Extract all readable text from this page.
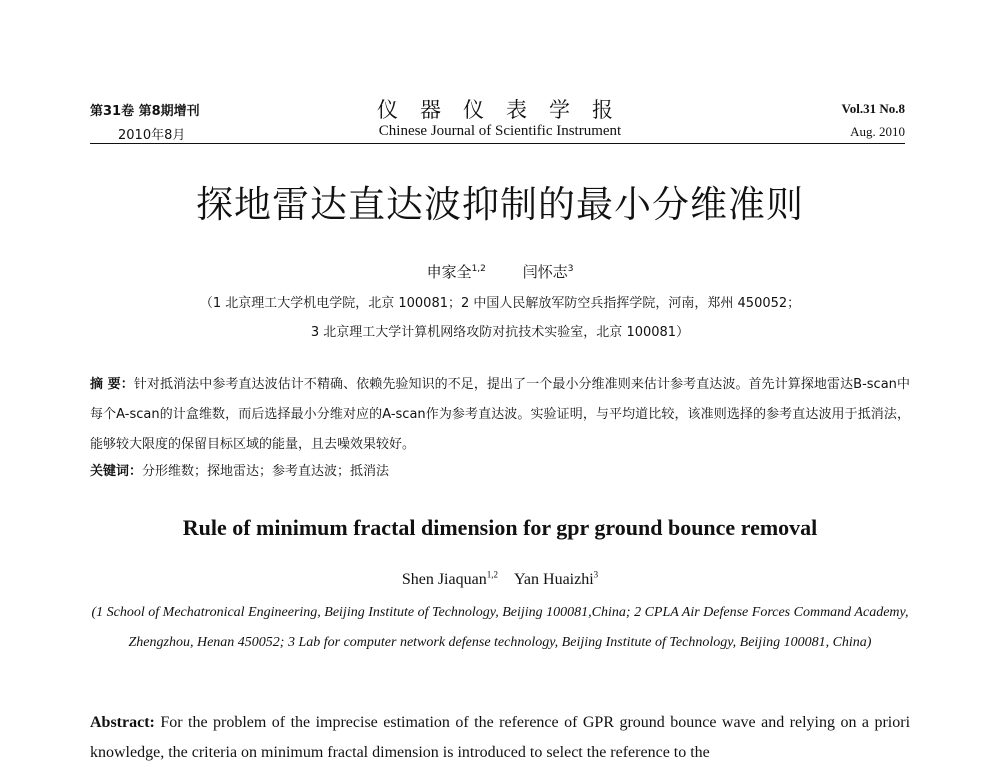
第31卷 第8期增刊
2010年8月
仪器仪表学报
Chinese Journal of Scientific Instrument
Vol.31 No.8
Aug. 2010
探地雷达直达波抑制的最小分维准则
申家全$^{1,2}$ 闫怀志$^3$
（1 北京理工大学机电学院，北京 100081；2 中国人民解放军防空兵指挥学院，河南，郑州 450052；
3 北京理工大学计算机网络攻防对抗技术实验室，北京 100081）
摘 要：针对抵消法中参考直达波估计不精确、依赖先验知识的不足，提出了一个最小分维准则来估计参考直达波。首先计算探地雷达B-scan中每个A-scan的计盒维数，而后选择最小分维对应的A-scan作为参考直达波。实验证明，与平均道比较，该准则选择的参考直达波用于抵消法，能够较大限度的保留目标区域的能量，且去噪效果较好。
关键词：分形维数；探地雷达；参考直达波；抵消法
Rule of minimum fractal dimension for gpr ground bounce removal
Shen Jiaquan$^{1,2}$ Yan Huaizhi$^3$
(1 School of Mechatronical Engineering, Beijing Institute of Technology, Beijing 100081,China; 2 CPLA Air Defense Forces Command Academy, Zhengzhou, Henan 450052; 3 Lab for computer network defense technology, Beijing Institute of Technology, Beijing 100081, China)
Abstract: For the problem of the imprecise estimation of the reference of GPR ground bounce wave and relying on a priori knowledge, the criteria on minimum fractal dimension is introduced to select the reference to the
